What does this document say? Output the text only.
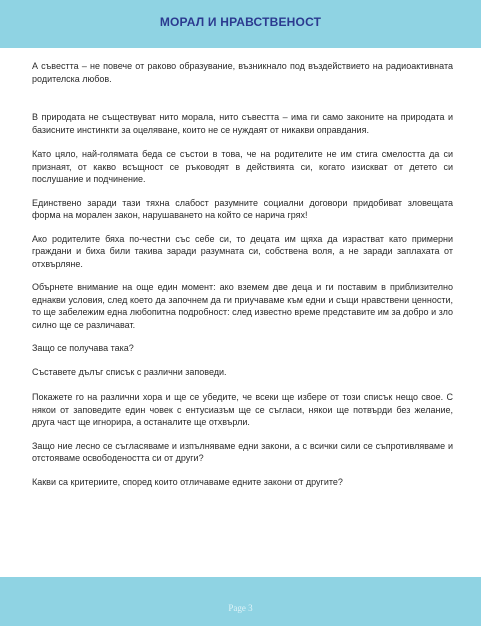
МОРАЛ И НРАВСТВЕНОСТ

А съвестта – не повече от раково образувание, възникнало под въздействието на радиоактивната родителска любов.

В природата не съществуват нито морала, нито съвестта – има ги само законите на природата и базисните инстинкти за оцеляване, които не се нуждаят от никакви оправдания.

Като цяло, най-голямата беда се състои в това, че на родителите не им стига смелостта да си признаят, от какво всъщност се ръководят в действията си, когато изискват от детето си послушание и подчинение.

Единствено заради тази тяхна слабост разумните социални договори придобиват зловещата форма на морален закон, нарушаването на който се нарича грях!

Ако родителите бяха по-честни със себе си, то децата им щяха да израстват като примерни граждани и биха били такива заради разумната си, собствена воля, а не заради заплахата от отхвърляне.

Обърнете внимание на още един момент: ако вземем две деца и ги поставим в приблизително еднакви условия, след което да започнем да ги приучаваме към едни и същи нравствени ценности, то ще забележим една любопитна подробност: след известно време представите им за добро и зло силно ще се различават.

Защо се получава така?

Съставете дълъг списък с различни заповеди.

Покажете го на различни хора и ще се убедите, че всеки ще избере от този списък нещо свое. С някои от заповедите един човек с ентусиазъм ще се съгласи, някои ще потвърди без желание, друга част ще игнорира, а останалите ще отхвърли.

Защо ние лесно се съгласяваме и изпълняваме едни закони, а с всички сили се съпротивляваме и отстояваме освободеността си от други?

Какви са критериите, според които отличаваме едните закони от другите?

Page 3
